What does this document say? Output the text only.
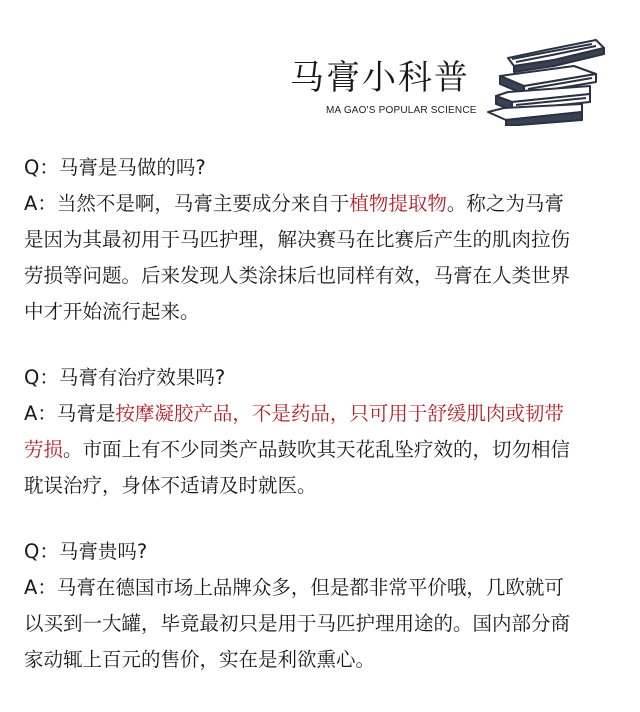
马膏小科普
MA GAO'S POPULAR SCIENCE

Q：马膏是马做的吗?

A：当然不是啊，马膏主要成分来自于植物提取物。称之为马膏

是因为其最初用于马匹护理，解决赛马在比赛后产生的肌肉拉伤

劳损等问题。后来发现人类涂抹后也同样有效，马膏在人类世界

中才开始流行起来。

Q：马膏有治疗效果吗?

A：马膏是按摩凝胶产品，不是药品，只可用于舒缓肌肉或韧带

劳损。市面上有不少同类产品鼓吹其天花乱坠疗效的，切勿相信

耽误治疗，身体不适请及时就医。

Q：马膏贵吗?

A：马膏在德国市场上品牌众多，但是都非常平价哦，几欧就可

以买到一大罐，毕竟最初只是用于马匹护理用途的。国内部分商

家动辄上百元的售价，实在是利欲熏心。
